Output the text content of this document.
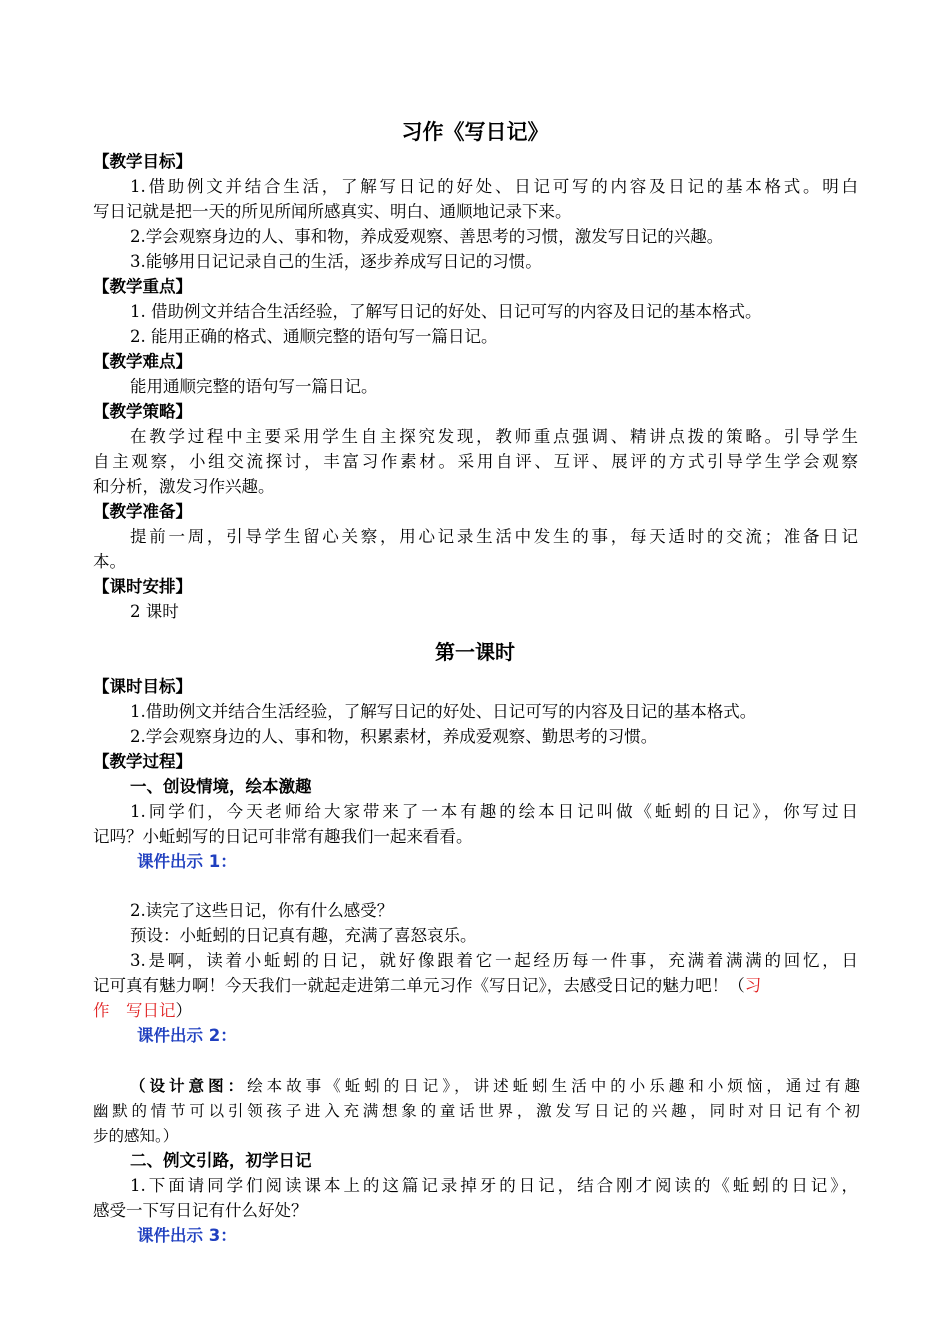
习作《写日记》
【教学目标】
1.借助例文并结合生活，了解写日记的好处、日记可写的内容及日记的基本格式。明白
写日记就是把一天的所见所闻所感真实、明白、通顺地记录下来。
2.学会观察身边的人、事和物，养成爱观察、善思考的习惯，激发写日记的兴趣。
3.能够用日记记录自己的生活，逐步养成写日记的习惯。
【教学重点】
1. 借助例文并结合生活经验，了解写日记的好处、日记可写的内容及日记的基本格式。
2. 能用正确的格式、通顺完整的语句写一篇日记。
【教学难点】
能用通顺完整的语句写一篇日记。
【教学策略】
在教学过程中主要采用学生自主探究发现，教师重点强调、精讲点拨的策略。引导学生
自主观察，小组交流探讨，丰富习作素材。采用自评、互评、展评的方式引导学生学会观察
和分析，激发习作兴趣。
【教学准备】
提前一周，引导学生留心关察，用心记录生活中发生的事，每天适时的交流；准备日记
本。
【课时安排】
2 课时
第一课时
【课时目标】
1.借助例文并结合生活经验，了解写日记的好处、日记可写的内容及日记的基本格式。
2.学会观察身边的人、事和物，积累素材，养成爱观察、勤思考的习惯。
【教学过程】
一、创设情境，绘本激趣
1.同学们，今天老师给大家带来了一本有趣的绘本日记叫做《蚯蚓的日记》，你写过日
记吗？小蚯蚓写的日记可非常有趣我们一起来看看。
课件出示 1：
2.读完了这些日记，你有什么感受？
预设：小蚯蚓的日记真有趣，充满了喜怒哀乐。
3.是啊，读着小蚯蚓的日记，就好像跟着它一起经历每一件事，充满着满满的回忆，日
记可真有魅力啊！今天我们一就起走进第二单元习作《写日记》，去感受日记的魅力吧！（习
作　写日记）
课件出示 2：
（设计意图：绘本故事《蚯蚓的日记》，讲述蚯蚓生活中的小乐趣和小烦恼，通过有趣
幽默的情节可以引领孩子进入充满想象的童话世界，激发写日记的兴趣，同时对日记有个初
步的感知。）
二、例文引路，初学日记
1.下面请同学们阅读课本上的这篇记录掉牙的日记，结合刚才阅读的《蚯蚓的日记》，
感受一下写日记有什么好处？
课件出示 3：
